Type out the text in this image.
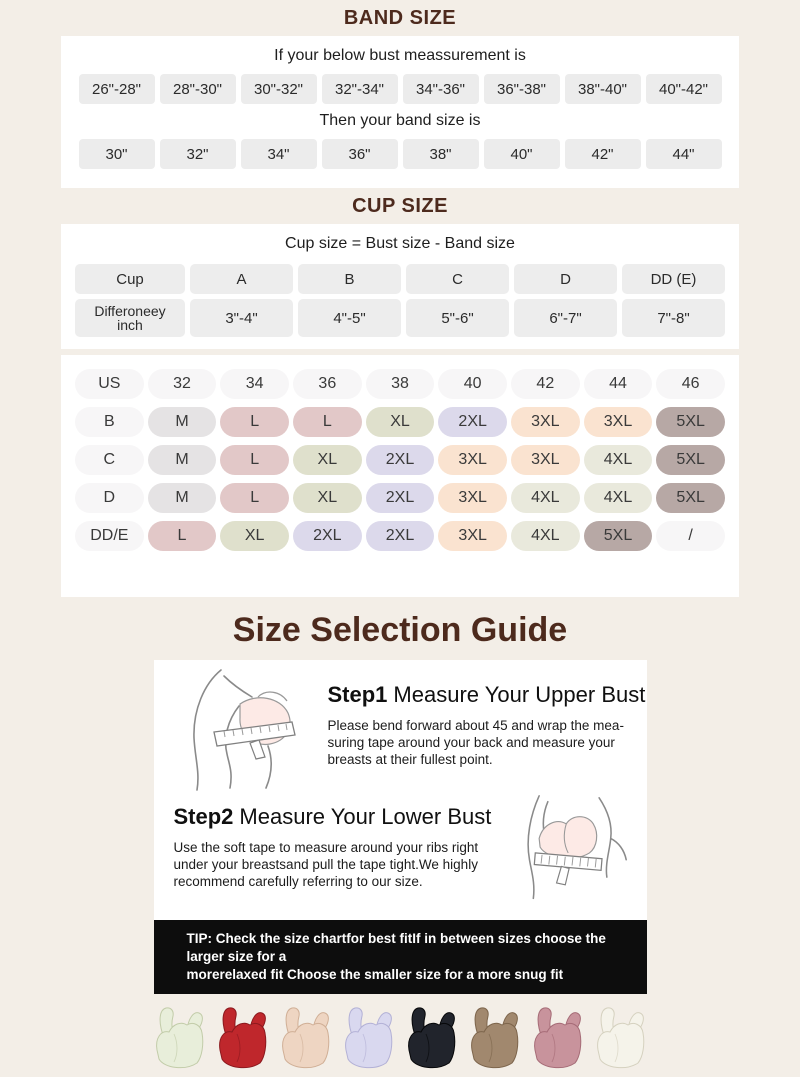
BAND SIZE
If your below bust meassurement is
26"-28"	28"-30"	30"-32"	32"-34"	34"-36"	36"-38"	38"-40"	40"-42"
Then your band size is
30"	32"	34"	36"	38"	40"	42"	44"
CUP SIZE
Cup size = Bust size - Band size
Cup	A	B	C	D	DD (E)
Differoneey
inch	3"-4"	4"-5"	5"-6"	6"-7"	7"-8"
US	32	34	36	38	40	42	44	46
B	M	L	L	XL	2XL	3XL	3XL	5XL
C	M	L	XL	2XL	3XL	3XL	4XL	5XL
D	M	L	XL	2XL	3XL	4XL	4XL	5XL
DD/E	L	XL	2XL	2XL	3XL	4XL	5XL	/
Size Selection Guide
Step1 Measure Your Upper Bust
Please bend forward about 45 and wrap the mea-
suring tape around your back and measure your
breasts at their fullest point.
Step2 Measure Your Lower Bust
Use the soft tape to measure around your ribs right
under your breastsand pull the tape tight.We highly
recommend carefully referring to our size.
TIP: Check the size chartfor best fitIf in between sizes choose the larger size for a
morerelaxed fit Choose the smaller size for a more snug fit
